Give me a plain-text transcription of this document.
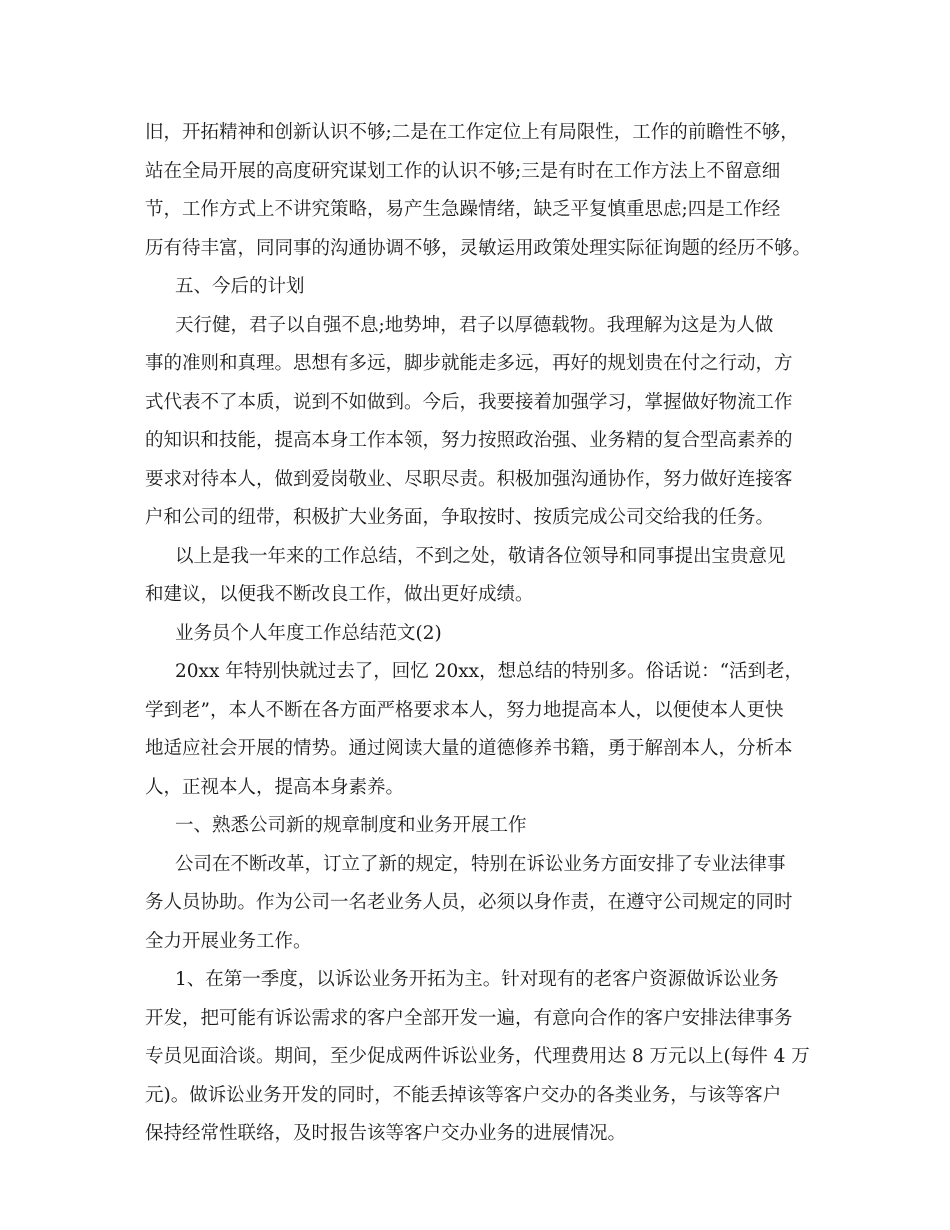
旧，开拓精神和创新认识不够;二是在工作定位上有局限性，工作的前瞻性不够，
站在全局开展的高度研究谋划工作的认识不够;三是有时在工作方法上不留意细
节，工作方式上不讲究策略，易产生急躁情绪，缺乏平复慎重思虑;四是工作经
历有待丰富，同同事的沟通协调不够，灵敏运用政策处理实际征询题的经历不够。
五、今后的计划
天行健，君子以自强不息;地势坤，君子以厚德载物。我理解为这是为人做
事的准则和真理。思想有多远，脚步就能走多远，再好的规划贵在付之行动，方
式代表不了本质，说到不如做到。今后，我要接着加强学习，掌握做好物流工作
的知识和技能，提高本身工作本领，努力按照政治强、业务精的复合型高素养的
要求对待本人，做到爱岗敬业、尽职尽责。积极加强沟通协作，努力做好连接客
户和公司的纽带，积极扩大业务面，争取按时、按质完成公司交给我的任务。
以上是我一年来的工作总结，不到之处，敬请各位领导和同事提出宝贵意见
和建议，以便我不断改良工作，做出更好成绩。
业务员个人年度工作总结范文(2)
20xx 年特别快就过去了，回忆 20xx，想总结的特别多。俗话说：“活到老，
学到老”，本人不断在各方面严格要求本人，努力地提高本人，以便使本人更快
地适应社会开展的情势。通过阅读大量的道德修养书籍，勇于解剖本人，分析本
人，正视本人，提高本身素养。
一、熟悉公司新的规章制度和业务开展工作
公司在不断改革，订立了新的规定，特别在诉讼业务方面安排了专业法律事
务人员协助。作为公司一名老业务人员，必须以身作责，在遵守公司规定的同时
全力开展业务工作。
1、在第一季度，以诉讼业务开拓为主。针对现有的老客户资源做诉讼业务
开发，把可能有诉讼需求的客户全部开发一遍，有意向合作的客户安排法律事务
专员见面洽谈。期间，至少促成两件诉讼业务，代理费用达 8 万元以上(每件 4 万
元)。做诉讼业务开发的同时，不能丢掉该等客户交办的各类业务，与该等客户
保持经常性联络，及时报告该等客户交办业务的进展情况。
